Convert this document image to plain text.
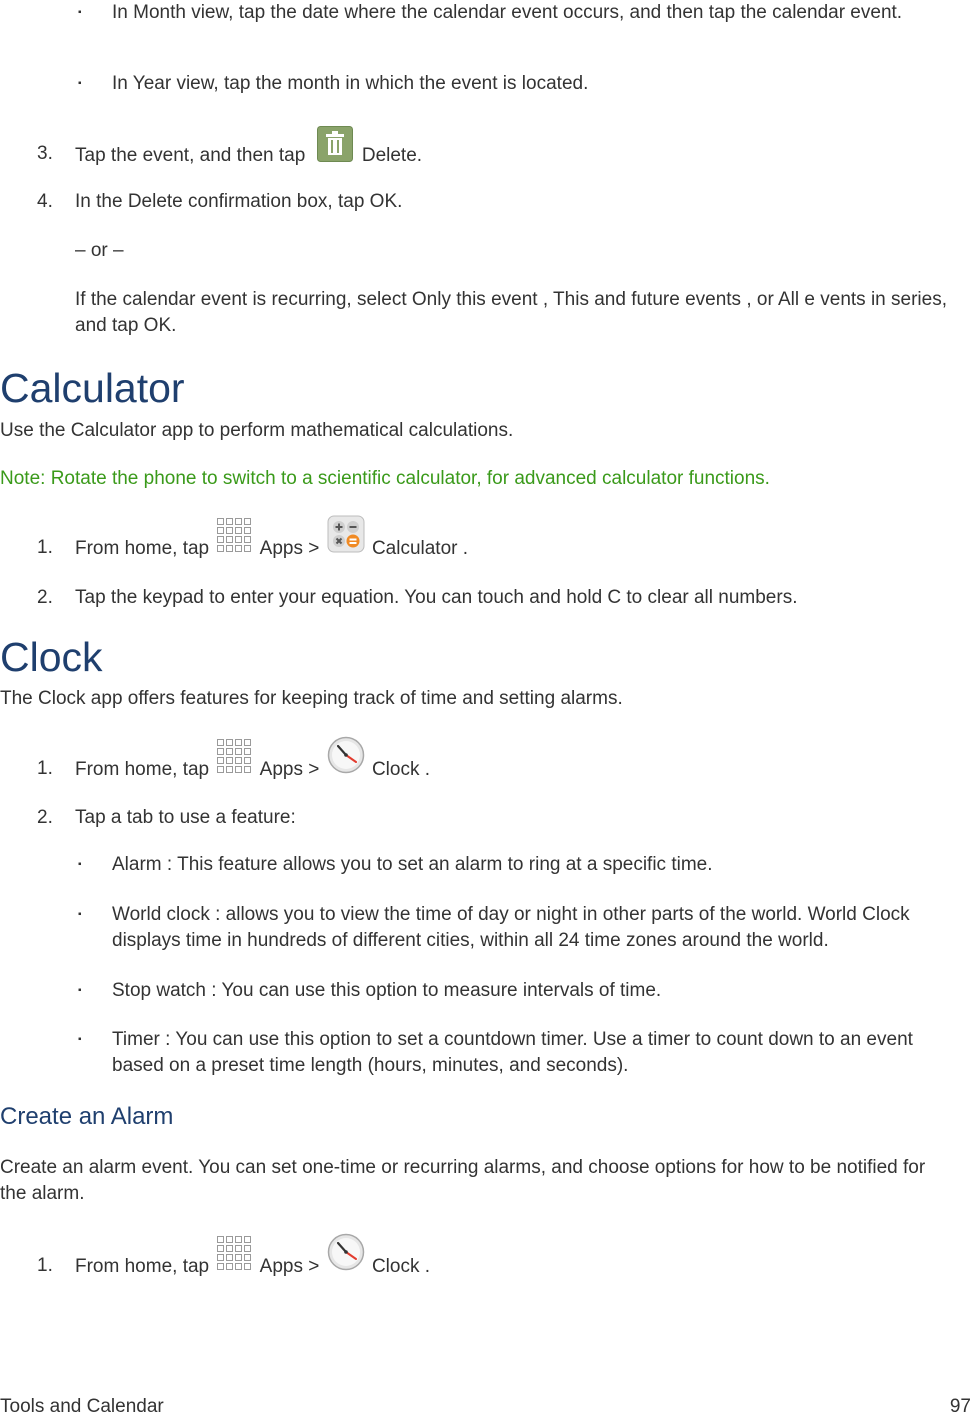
▪ In Month view, tap the date where the calendar event occurs, and then tap the calendar event.
▪ In Year view, tap the month in which the event is located.
3. Tap the event, and then tap	Delete.
4. In the Delete confirmation box, tap OK.
– or –
If the calendar event is recurring, select Only this event , This and future events , or All e vents in series, and tap OK.
Calculator
Use the Calculator app to perform mathematical calculations.
Note: Rotate the phone to switch to a scientific calculator, for advanced calculator functions.
1. From home, tap	Apps >	Calculator .
2. Tap the keypad to enter your equation. You can touch and hold C to clear all numbers.
Clock
The Clock app offers features for keeping track of time and setting alarms.
1. From home, tap	Apps >	Clock .
2. Tap a tab to use a feature:
▪ Alarm : This feature allows you to set an alarm to ring at a specific time.
▪ World clock : allows you to view the time of day or night in other parts of the world. World Clock displays time in hundreds of different cities, within all 24 time zones around the world.
▪ Stop watch : You can use this option to measure intervals of time.
▪ Timer : You can use this option to set a countdown timer. Use a timer to count down to an event based on a preset time length (hours, minutes, and seconds).
Create an Alarm
Create an alarm event. You can set one-time or recurring alarms, and choose options for how to be notified for the alarm.
1. From home, tap	Apps >	Clock .
Tools and Calendar	97
